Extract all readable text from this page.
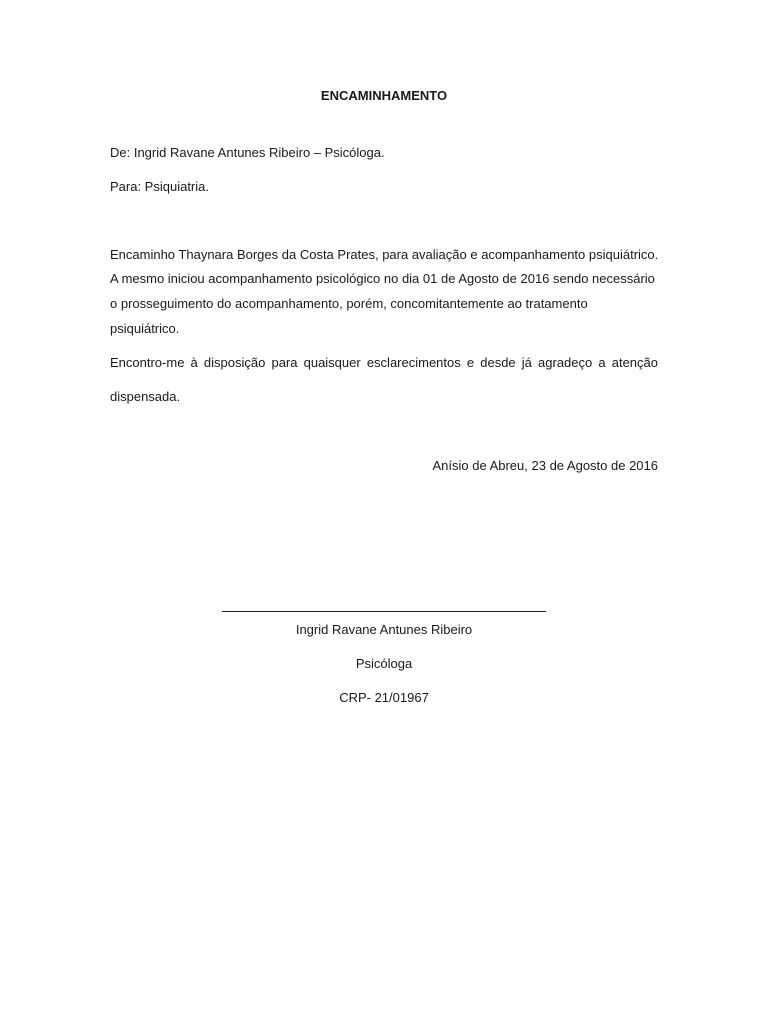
ENCAMINHAMENTO
De: Ingrid Ravane Antunes Ribeiro – Psicóloga.
Para: Psiquiatria.
Encaminho Thaynara Borges da Costa Prates, para avaliação e acompanhamento psiquiátrico.
A mesmo iniciou acompanhamento psicológico no dia 01 de Agosto de 2016 sendo necessário
o prosseguimento do acompanhamento, porém, concomitantemente ao tratamento
psiquiátrico.
Encontro-me à disposição para quaisquer esclarecimentos e desde já agradeço a atenção
dispensada.
Anísio de Abreu, 23 de Agosto de 2016
Ingrid Ravane Antunes Ribeiro
Psicóloga
CRP- 21/01967
